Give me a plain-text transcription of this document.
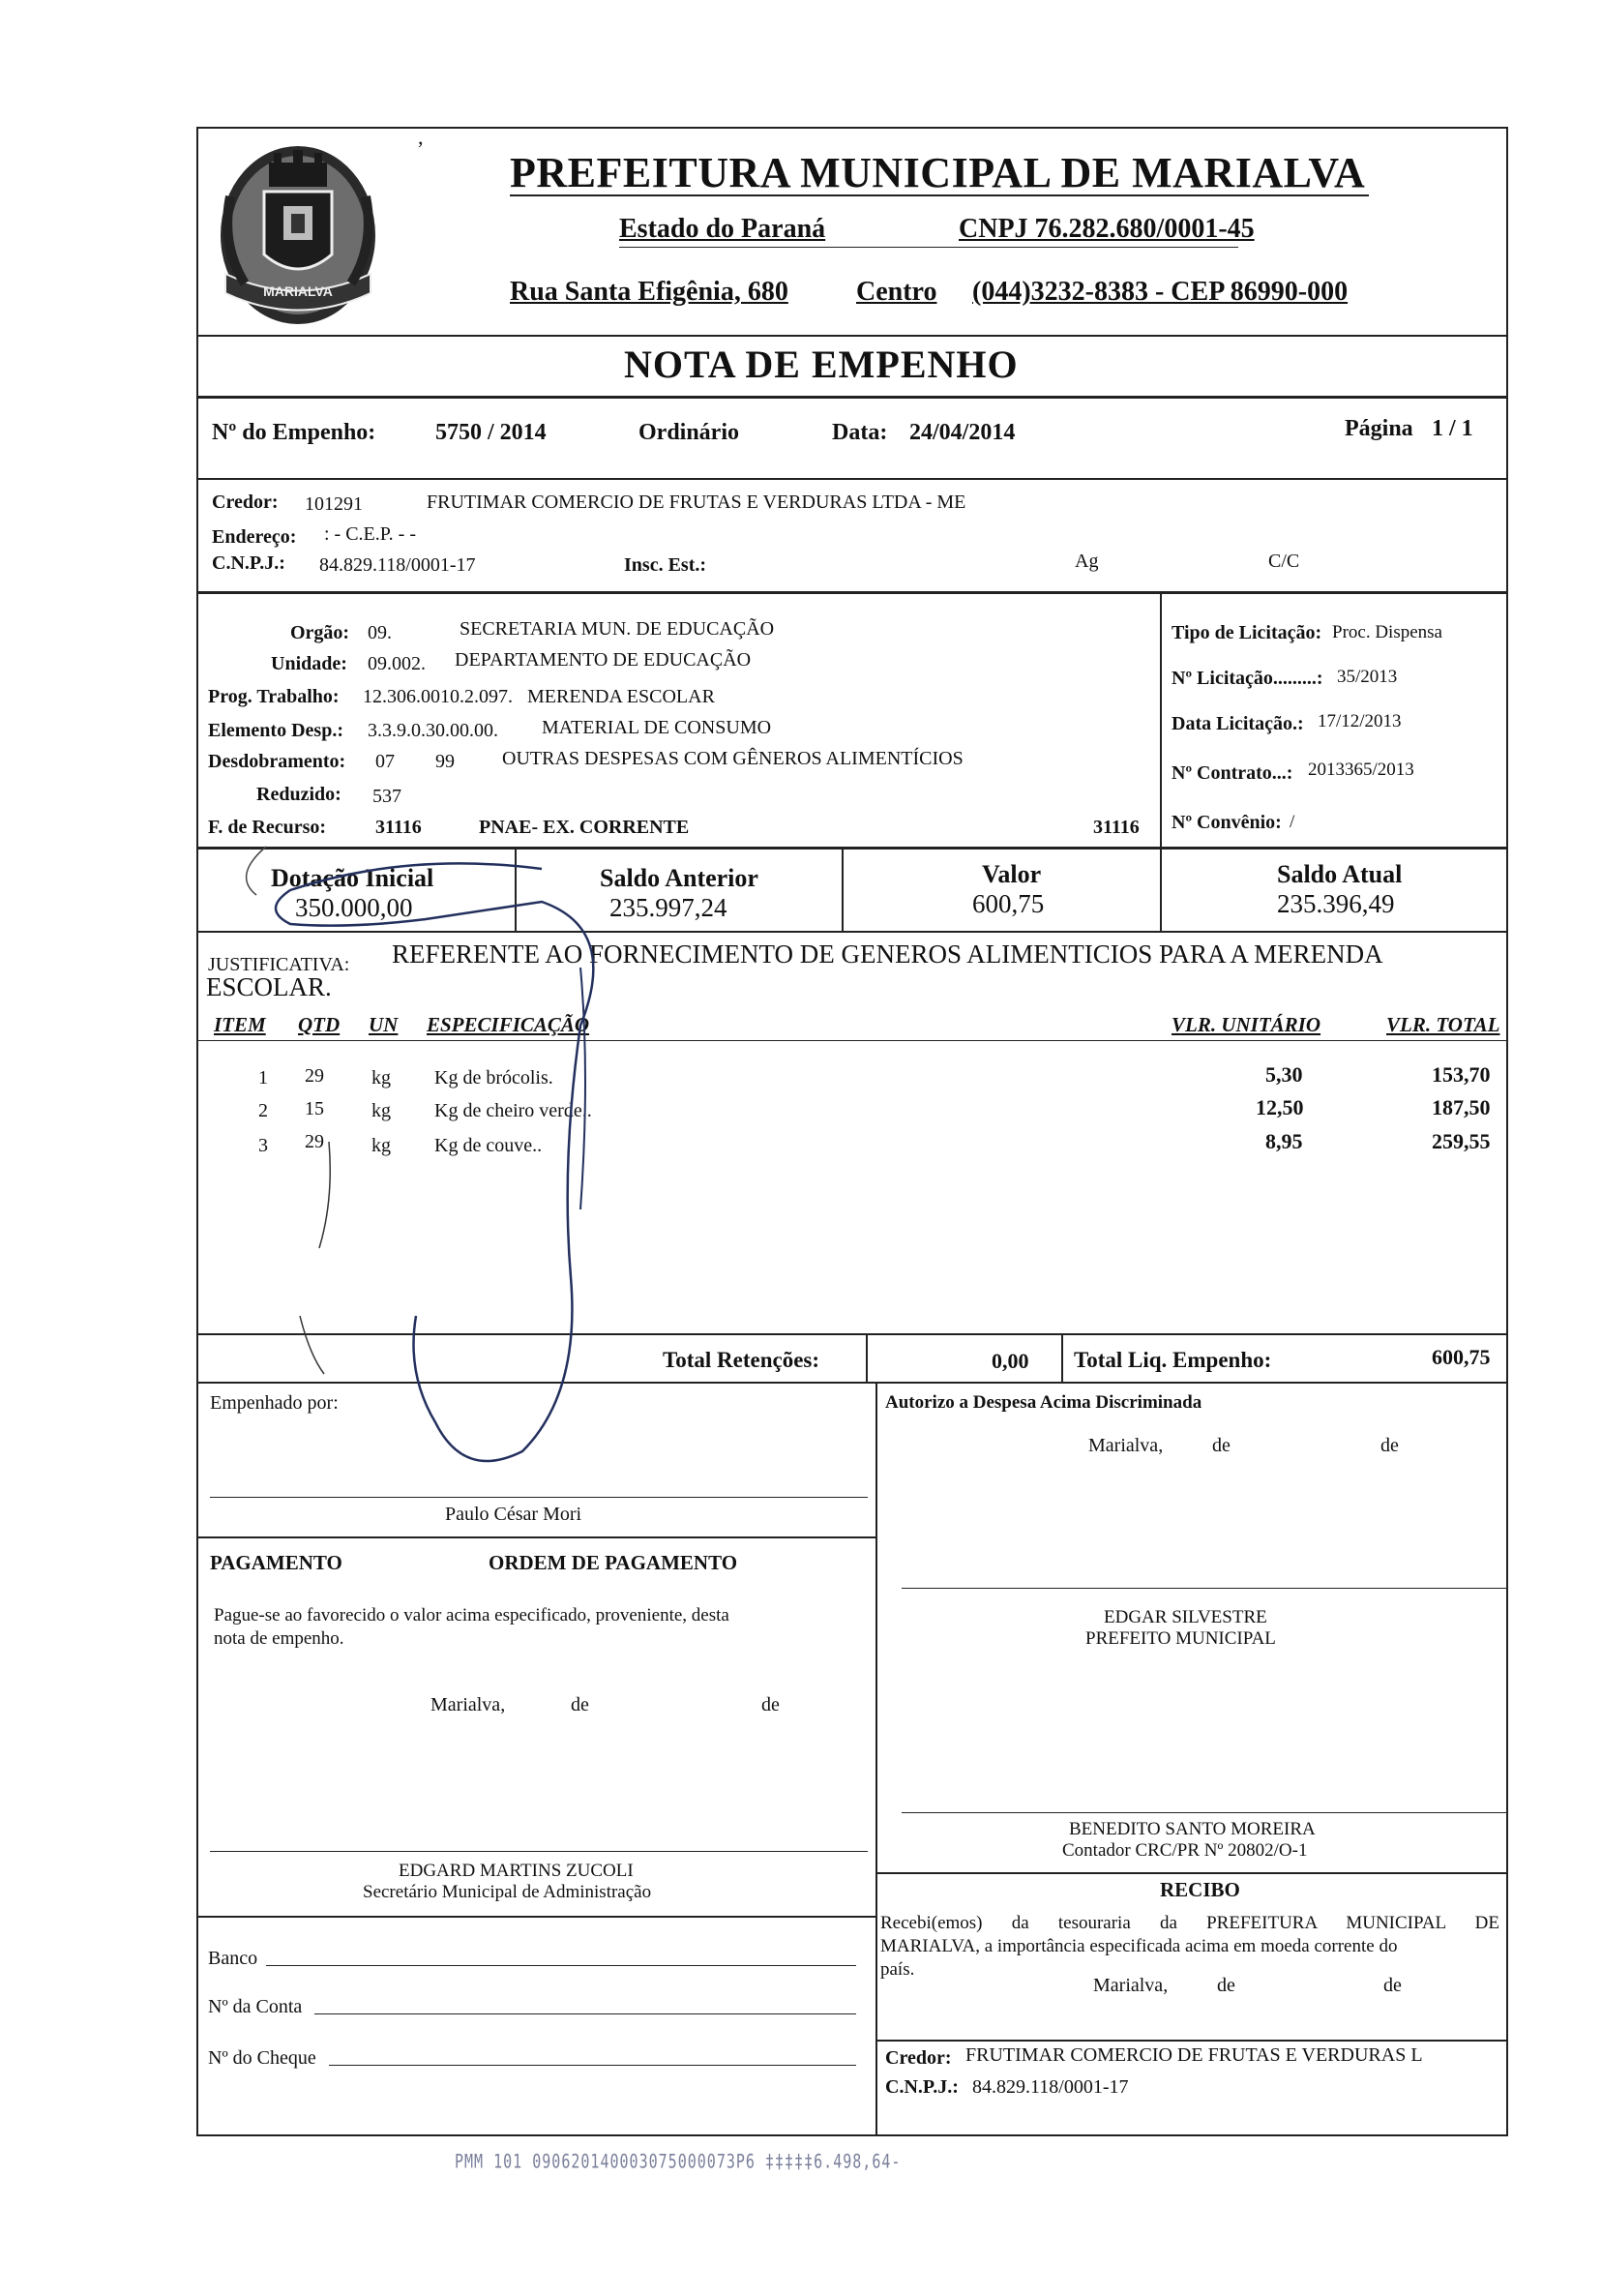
MARIALVA
,
PREFEITURA MUNICIPAL DE MARIALVA
Estado do Paraná	CNPJ 76.282.680/0001-45
Rua Santa Efigênia, 680	Centro (044)3232-8383 - CEP 86990-000
NOTA DE EMPENHO
Nº do Empenho:	5750 / 2014	Ordinário	Data: 24/04/2014	Página 1 / 1
Credor: 101291	FRUTIMAR COMERCIO DE FRUTAS E VERDURAS LTDA - ME
Endereço: : - C.E.P. - -
C.N.P.J.: 84.829.118/0001-17	Insc. Est.:	Ag	C/C
Orgão: 09.	SECRETARIA MUN. DE EDUCAÇÃO
Unidade: 09.002. DEPARTAMENTO DE EDUCAÇÃO
Prog. Trabalho: 12.306.0010.2.097. MERENDA ESCOLAR
Elemento Desp.: 3.3.9.0.30.00.00. MATERIAL DE CONSUMO
Desdobramento: 07 99 OUTRAS DESPESAS COM GÊNEROS ALIMENTÍCIOS
Reduzido: 537
F. de Recurso:	31116	PNAE- EX. CORRENTE	31116
Tipo de Licitação: Proc. Dispensa
Nº Licitação.........: 35/2013
Data Licitação.: 17/12/2013
Nº Contrato...: 2013365/2013
Nº Convênio: /
Dotação Inicial
350.000,00
Saldo Anterior
235.997,24
Valor
600,75
Saldo Atual
235.396,49
JUSTIFICATIVA: REFERENTE AO FORNECIMENTO DE GENEROS ALIMENTICIOS PARA A MERENDA
ESCOLAR.
ITEM QTD UN ESPECIFICAÇÃO	VLR. UNITÁRIO	VLR. TOTAL
1 29 kg Kg de brócolis.	5,30	153,70
2 15 kg Kg de cheiro verde..	12,50	187,50
3 29 kg Kg de couve..	8,95	259,55
Total Retenções:	0,00 Total Liq. Empenho:	600,75
Empenhado por:
Paulo César Mori
Autorizo a Despesa Acima Discriminada
Marialva,	de	de
PAGAMENTO	ORDEM DE PAGAMENTO
Pague-se ao favorecido o valor acima especificado, proveniente, desta
nota de empenho.
Marialva,	de	de
EDGAR SILVESTRE
PREFEITO MUNICIPAL
BENEDITO SANTO MOREIRA
Contador CRC/PR Nº 20802/O-1
EDGARD MARTINS ZUCOLI
Secretário Municipal de Administração	RECIBO
Recebi(emos) da tesouraria da PREFEITURA MUNICIPAL DE
MARIALVA, a importância especificada acima em moeda corrente do
país.
Marialva,	de	de
Banco
Nº da Conta
Nº do Cheque	Credor: FRUTIMAR COMERCIO DE FRUTAS E VERDURAS L
C.N.P.J.: 84.829.118/0001-17
PMM 101 090620140003075000073P6 ‡‡‡‡‡6.498,64-
